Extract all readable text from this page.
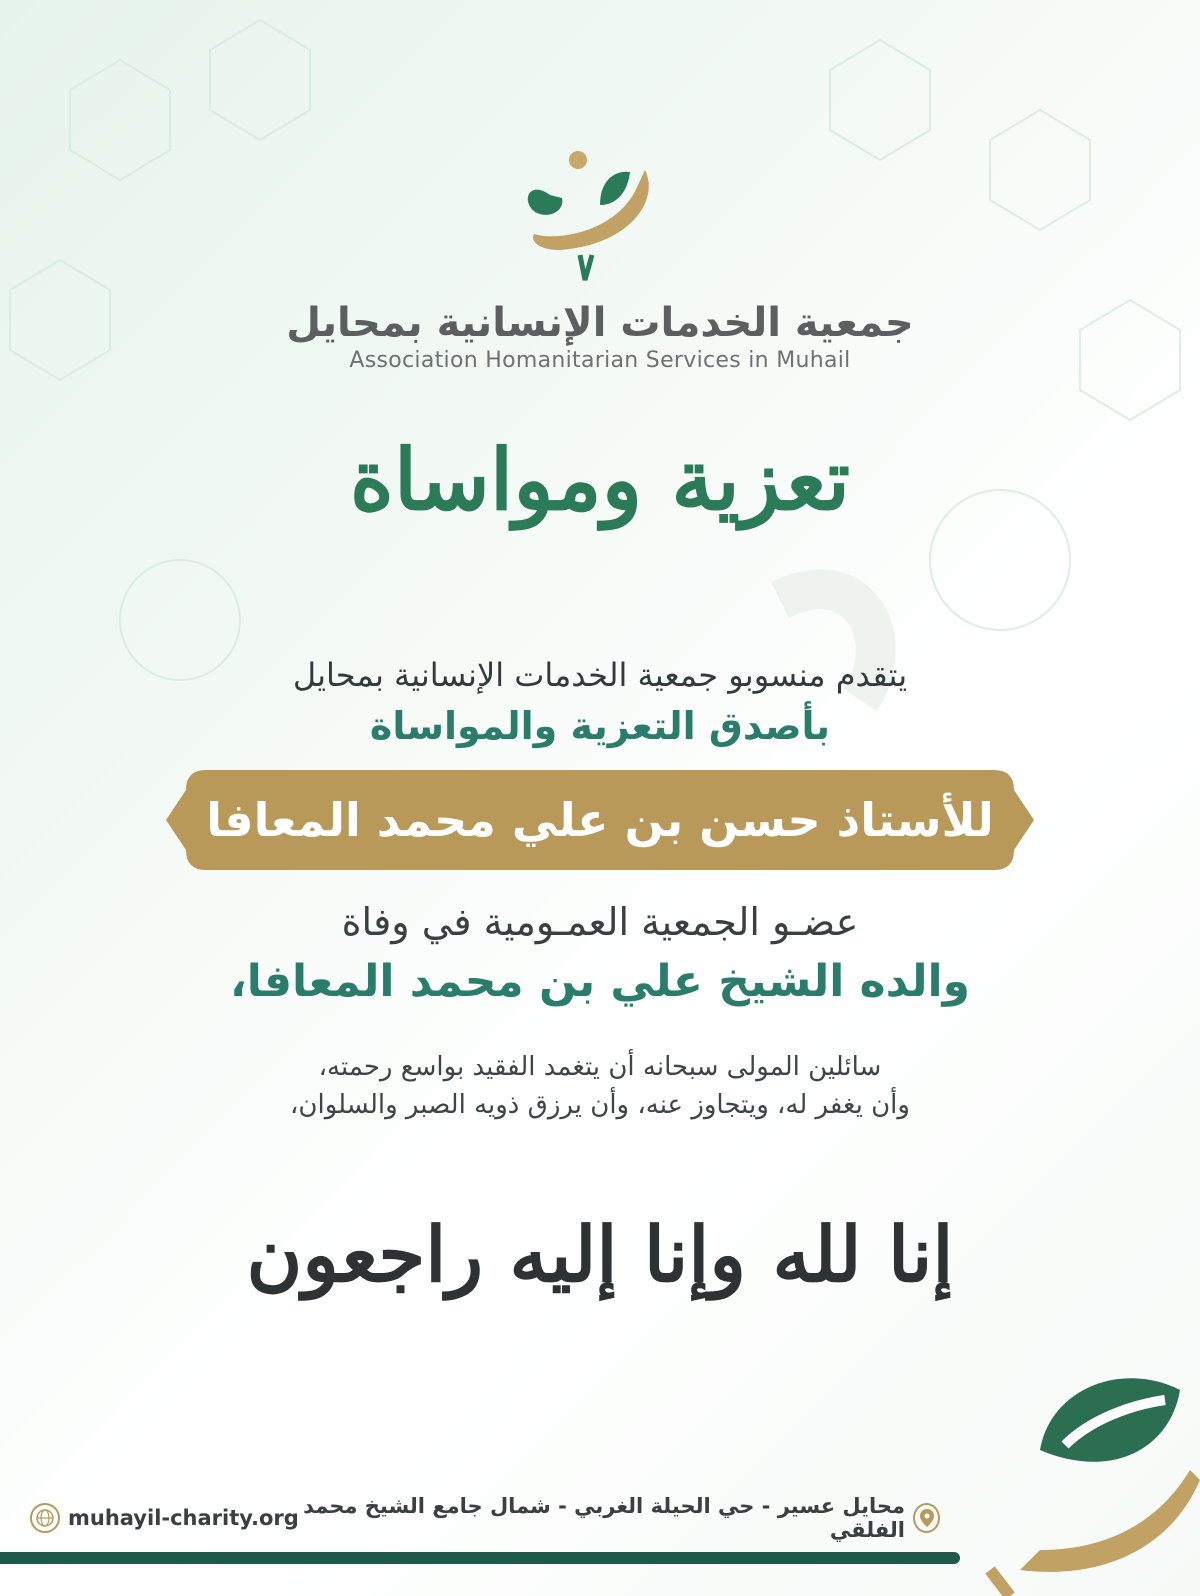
جمعية الخدمات الإنسانية بمحايل
Association Homanitarian Services in Muhail
تعزية ومواساة
يتقدم منسوبو جمعية الخدمات الإنسانية بمحايل
بأصدق التعزية والمواساة
للأستاذ حسن بن علي محمد المعافا
عضـو الجمعية العمـومية في وفاة
والده الشيخ علي بن محمد المعافا،
سائلين المولى سبحانه أن يتغمد الفقيد بواسع رحمته،
وأن يغفر له، ويتجاوز عنه، وأن يرزق ذويه الصبر والسلوان،
إنا لله وإنا إليه راجعون
محايل عسير - حي الحيلة الغربي - شمال جامع الشيخ محمد الفلقي
muhayil-charity.org
